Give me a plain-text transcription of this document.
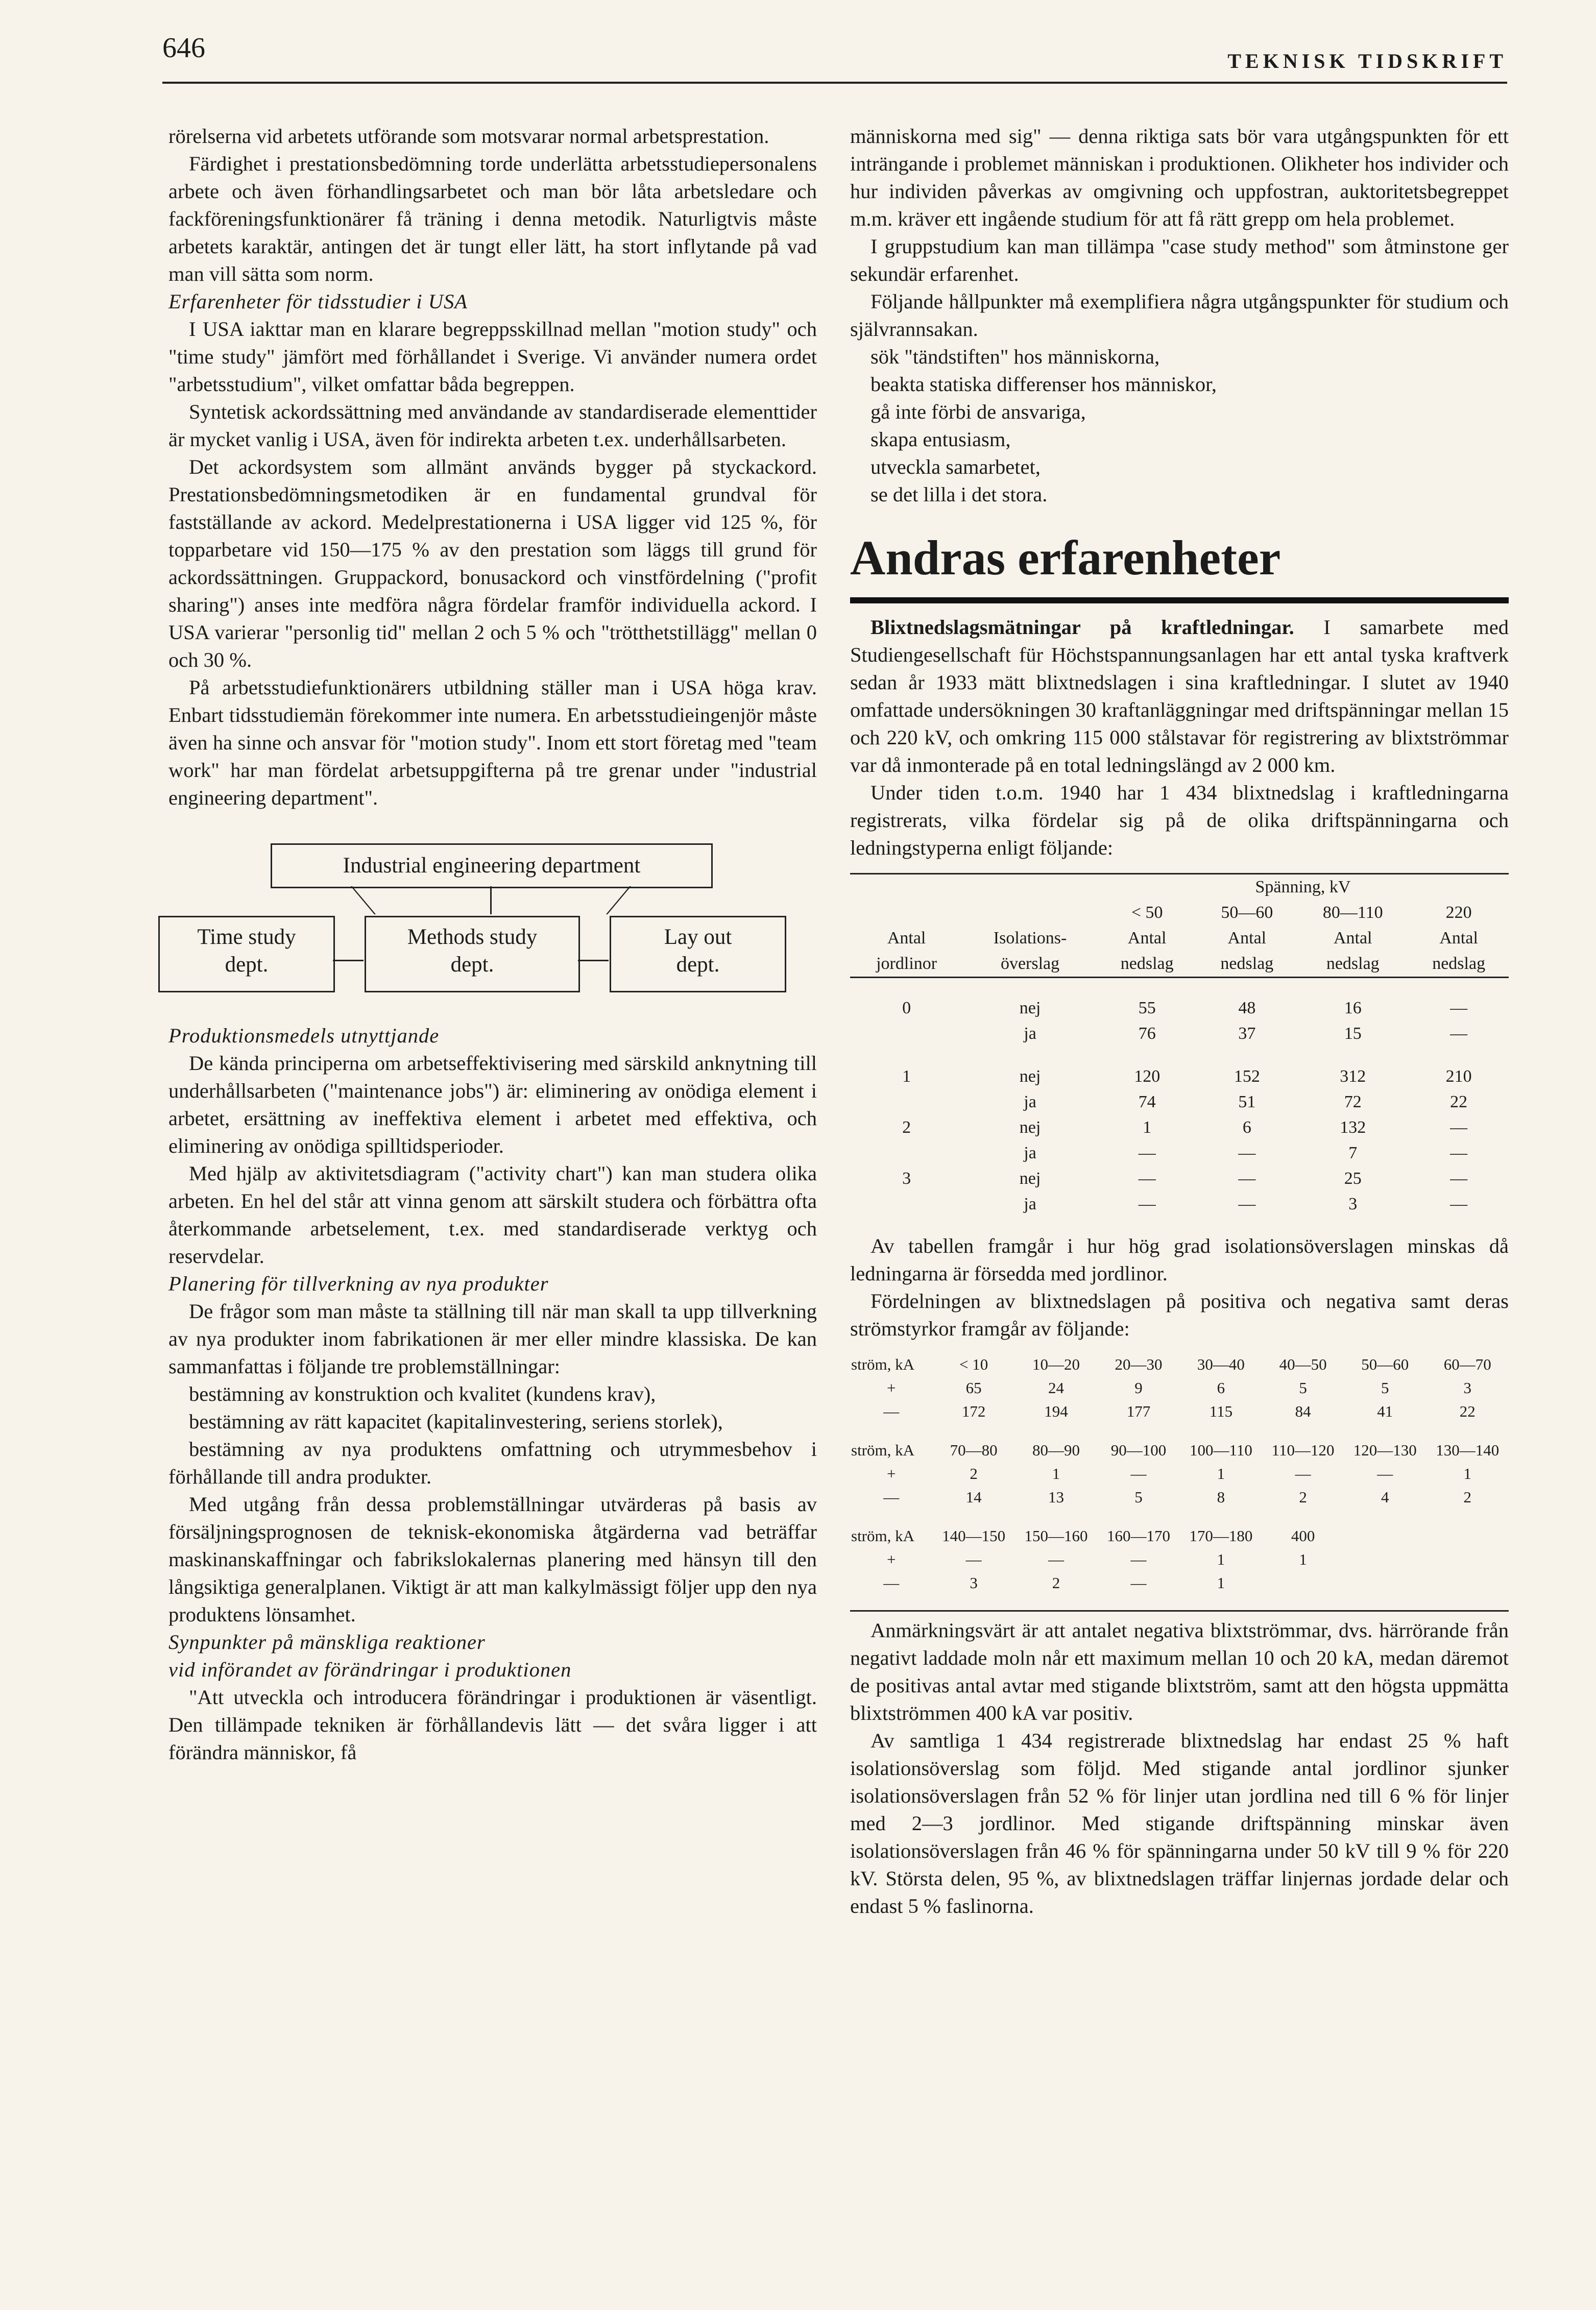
646	TEKNISK TIDSKRIFT

rörelserna vid arbetets utförande som motsvarar normal arbetsprestation.

Färdighet i prestationsbedömning torde underlätta arbetsstudiepersonalens arbete och även förhandlingsarbetet och man bör låta arbetsledare och fackföreningsfunktionärer få träning i denna metodik. Naturligtvis måste arbetets karaktär, antingen det är tungt eller lätt, ha stort inflytande på vad man vill sätta som norm.

Erfarenheter för tidsstudier i USA

I USA iakttar man en klarare begreppsskillnad mellan "motion study" och "time study" jämfört med förhållandet i Sverige. Vi använder numera ordet "arbetsstudium", vilket omfattar båda begreppen.

Syntetisk ackordssättning med användande av standardiserade elementtider är mycket vanlig i USA, även för indirekta arbeten t.ex. underhållsarbeten.

Det ackordsystem som allmänt används bygger på styckackord. Prestationsbedömningsmetodiken är en fundamental grundval för fastställande av ackord. Medelprestationerna i USA ligger vid 125 %, för topparbetare vid 150—175 % av den prestation som läggs till grund för ackordssättningen. Gruppackord, bonusackord och vinstfördelning ("profit sharing") anses inte medföra några fördelar framför individuella ackord. I USA varierar "personlig tid" mellan 2 och 5 % och "trötthetstillägg" mellan 0 och 30 %.

På arbetsstudiefunktionärers utbildning ställer man i USA höga krav. Enbart tidsstudiemän förekommer inte numera. En arbetsstudieingenjör måste även ha sinne och ansvar för "motion study". Inom ett stort företag med "team work" har man fördelat arbetsuppgifterna på tre grenar under "industrial engineering department".

Industrial engineering department
Time study
dept.
Methods study
dept.
Lay out
dept.

Produktionsmedels utnyttjande

De kända principerna om arbetseffektivisering med särskild anknytning till underhållsarbeten ("maintenance jobs") är: eliminering av onödiga element i arbetet, ersättning av ineffektiva element i arbetet med effektiva, och eliminering av onödiga spilltidsperioder.

Med hjälp av aktivitetsdiagram ("activity chart") kan man studera olika arbeten. En hel del står att vinna genom att särskilt studera och förbättra ofta återkommande arbetselement, t.ex. med standardiserade verktyg och reservdelar.

Planering för tillverkning av nya produkter

De frågor som man måste ta ställning till när man skall ta upp tillverkning av nya produkter inom fabrikationen är mer eller mindre klassiska. De kan sammanfattas i följande tre problemställningar:

bestämning av konstruktion och kvalitet (kundens krav),

bestämning av rätt kapacitet (kapitalinvestering, seriens storlek),

bestämning av nya produktens omfattning och utrymmesbehov i förhållande till andra produkter.

Med utgång från dessa problemställningar utvärderas på basis av försäljningsprognosen de teknisk-ekonomiska åtgärderna vad beträffar maskinanskaffningar och fabrikslokalernas planering med hänsyn till den långsiktiga generalplanen. Viktigt är att man kalkylmässigt följer upp den nya produktens lönsamhet.

Synpunkter på mänskliga reaktioner

vid införandet av förändringar i produktionen

"Att utveckla och introducera förändringar i produktionen är väsentligt. Den tillämpade tekniken är förhållandevis lätt — det svåra ligger i att förändra människor, få

människorna med sig" — denna riktiga sats bör vara utgångspunkten för ett inträngande i problemet människan i produktionen. Olikheter hos individer och hur individen påverkas av omgivning och uppfostran, auktoritetsbegreppet m.m. kräver ett ingående studium för att få rätt grepp om hela problemet.

I gruppstudium kan man tillämpa "case study method" som åtminstone ger sekundär erfarenhet.

Följande hållpunkter må exemplifiera några utgångspunkter för studium och självrannsakan.

sök "tändstiften" hos människorna,

beakta statiska differenser hos människor,

gå inte förbi de ansvariga,

skapa entusiasm,

utveckla samarbetet,

se det lilla i det stora.

Andras erfarenheter

Blixtnedslagsmätningar på kraftledningar. I samarbete med Studiengesellschaft für Höchstspannungsanlagen har ett antal tyska kraftverk sedan år 1933 mätt blixtnedslagen i sina kraftledningar. I slutet av 1940 omfattade undersökningen 30 kraftanläggningar med driftspänningar mellan 15 och 220 kV, och omkring 115 000 stålstavar för registrering av blixtströmmar var då inmonterade på en total ledningslängd av 2 000 km.

Under tiden t.o.m. 1940 har 1 434 blixtnedslag i kraftledningarna registrerats, vilka fördelar sig på de olika driftspänningarna och ledningstyperna enligt följande:

		Spänning, kV			
		< 50	50—60	80—110	220
Antal	Isolations-	Antal	Antal	Antal	Antal
jordlinor	överslag	nedslag	nedslag	nedslag	nedslag
0	nej	55	48	16	—
	ja	76	37	15	—
1	nej	120	152	312	210
	ja	74	51	72	22
2	nej	1	6	132	—
	ja	—	—	7	—
3	nej	—	—	25	—
	ja	—	—	3	—

Av tabellen framgår i hur hög grad isolationsöverslagen minskas då ledningarna är försedda med jordlinor.

Fördelningen av blixtnedslagen på positiva och negativa samt deras strömstyrkor framgår av följande:

ström, kA	< 10	10—20	20—30	30—40	40—50	50—60	60—70
+	65	24	9	6	5	5	3
—	172	194	177	115	84	41	22
ström, kA	70—80	80—90	90—100	100—110	110—120	120—130	130—140
+	2	1	—	1	—	—	1
—	14	13	5	8	2	4	2
ström, kA	140—150	150—160	160—170	170—180	400		
+	—	—	—	1	1		
—	3	2	—	1			

Anmärkningsvärt är att antalet negativa blixtströmmar, dvs. härrörande från negativt laddade moln når ett maximum mellan 10 och 20 kA, medan däremot de positivas antal avtar med stigande blixtström, samt att den högsta uppmätta blixtströmmen 400 kA var positiv.

Av samtliga 1 434 registrerade blixtnedslag har endast 25 % haft isolationsöverslag som följd. Med stigande antal jordlinor sjunker isolationsöverslagen från 52 % för linjer utan jordlina ned till 6 % för linjer med 2—3 jordlinor. Med stigande driftspänning minskar även isolationsöverslagen från 46 % för spänningarna under 50 kV till 9 % för 220 kV. Största delen, 95 %, av blixtnedslagen träffar linjernas jordade delar och endast 5 % faslinorna.
